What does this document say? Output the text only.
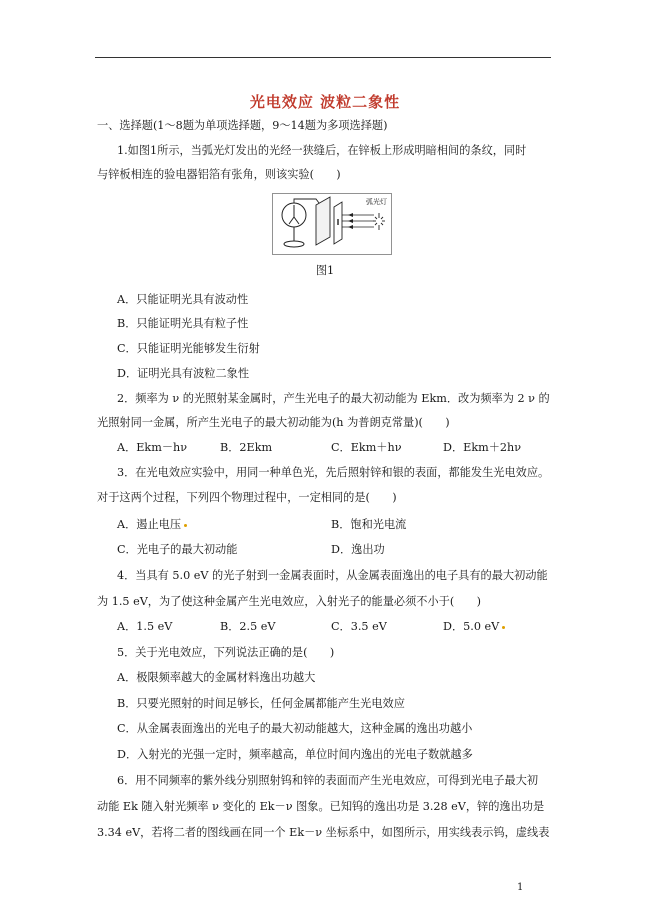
光电效应 波粒二象性
一、选择题(1～8题为单项选择题，9～14题为多项选择题)
1.如图1所示，当弧光灯发出的光经一狭缝后，在锌板上形成明暗相间的条纹，同时
与锌板相连的验电器铝箔有张角，则该实验(　　)
弧光灯
图1
A．只能证明光具有波动性
B．只能证明光具有粒子性
C．只能证明光能够发生衍射
D．证明光具有波粒二象性
2．频率为 ν 的光照射某金属时，产生光电子的最大初动能为 Ekm．改为频率为 2 ν 的
光照射同一金属，所产生光电子的最大初动能为(h 为普朗克常量)(　　)
A．Ekm－hν	B．2Ekm	C．Ekm＋hν	D．Ekm＋2hν
3．在光电效应实验中，用同一种单色光，先后照射锌和银的表面，都能发生光电效应。
对于这两个过程，下列四个物理过程中，一定相同的是(　　)
A．遏止电压	B．饱和光电流
C．光电子的最大初动能	D．逸出功
4．当具有 5.0 eV 的光子射到一金属表面时，从金属表面逸出的电子具有的最大初动能
为 1.5 eV，为了使这种金属产生光电效应，入射光子的能量必须不小于(　　)
A．1.5 eV	B．2.5 eV	C．3.5 eV	D．5.0 eV
5．关于光电效应，下列说法正确的是(　　)
A．极限频率越大的金属材料逸出功越大
B．只要光照射的时间足够长，任何金属都能产生光电效应
C．从金属表面逸出的光电子的最大初动能越大，这种金属的逸出功越小
D．入射光的光强一定时，频率越高，单位时间内逸出的光电子数就越多
6．用不同频率的紫外线分别照射钨和锌的表面而产生光电效应，可得到光电子最大初
动能 Ek 随入射光频率 ν 变化的 Ek－ν 图象。已知钨的逸出功是 3.28 eV，锌的逸出功是
3.34 eV，若将二者的图线画在同一个 Ek－ν 坐标系中，如图所示，用实线表示钨，虚线表
1
